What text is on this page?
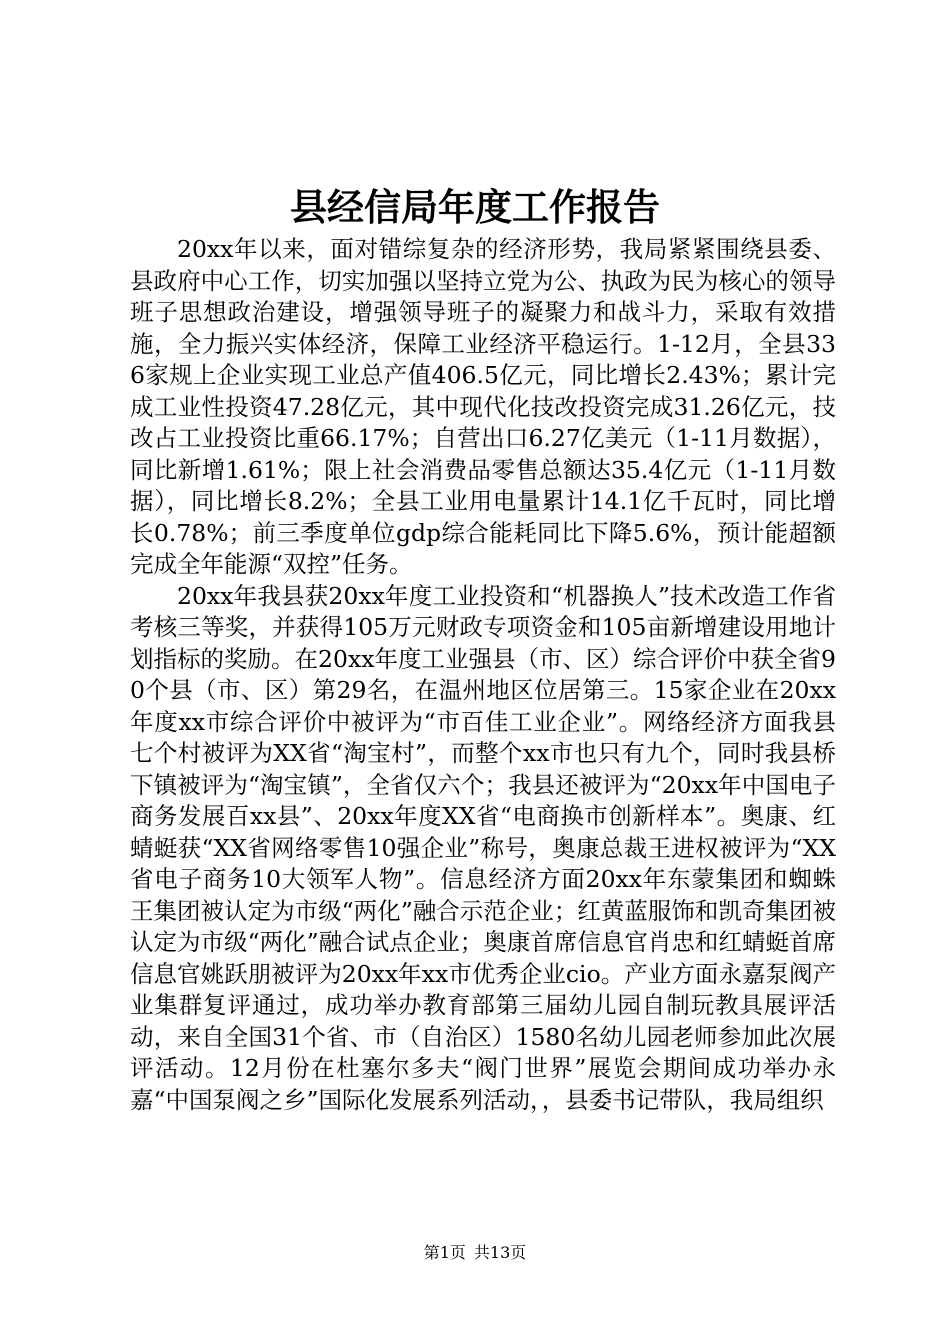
县经信局年度工作报告

20xx年以来，面对错综复杂的经济形势，我局紧紧围绕县委、县政府中心工作，切实加强以坚持立党为公、执政为民为核心的领导班子思想政治建设，增强领导班子的凝聚力和战斗力，采取有效措施，全力振兴实体经济，保障工业经济平稳运行。1-12月，全县336家规上企业实现工业总产值406.5亿元，同比增长2.43%；累计完成工业性投资47.28亿元，其中现代化技改投资完成31.26亿元，技改占工业投资比重66.17%；自营出口6.27亿美元（1-11月数据），同比新增1.61%；限上社会消费品零售总额达35.4亿元（1-11月数据），同比增长8.2%；全县工业用电量累计14.1亿千瓦时，同比增长0.78%；前三季度单位gdp综合能耗同比下降5.6%，预计能超额完成全年能源“双控”任务。

20xx年我县获20xx年度工业投资和“机器换人”技术改造工作省考核三等奖，并获得105万元财政专项资金和105亩新增建设用地计划指标的奖励。在20xx年度工业强县（市、区）综合评价中获全省90个县（市、区）第29名，在温州地区位居第三。15家企业在20xx年度xx市综合评价中被评为“市百佳工业企业”。网络经济方面我县七个村被评为XX省“淘宝村”，而整个xx市也只有九个，同时我县桥下镇被评为“淘宝镇”，全省仅六个；我县还被评为“20xx年中国电子商务发展百xx县”、20xx年度XX省“电商换市创新样本”。奥康、红蜻蜓获“XX省网络零售10强企业”称号，奥康总裁王进权被评为“XX省电子商务10大领军人物”。信息经济方面20xx年东蒙集团和蜘蛛王集团被认定为市级“两化”融合示范企业；红黄蓝服饰和凯奇集团被认定为市级“两化”融合试点企业；奥康首席信息官肖忠和红蜻蜓首席信息官姚跃朋被评为20xx年xx市优秀企业cio。产业方面永嘉泵阀产业集群复评通过，成功举办教育部第三届幼儿园自制玩教具展评活动，来自全国31个省、市（自治区）1580名幼儿园老师参加此次展评活动。12月份在杜塞尔多夫“阀门世界”展览会期间成功举办永嘉“中国泵阀之乡”国际化发展系列活动，，县委书记带队，我局组织

第1页 共13页
